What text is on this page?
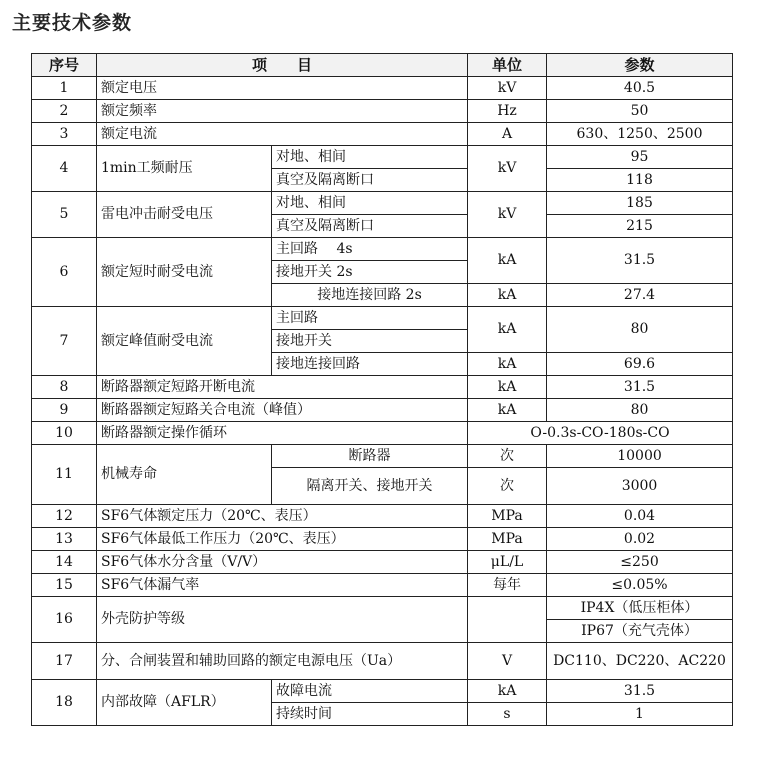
主要技术参数
序号	项　　目		单位	参数
1	额定电压		kV	40.5
2	额定频率		Hz	50
3	额定电流		A	630、1250、2500
4	1min工频耐压	对地、相间	kV	95
		真空及隔离断口		118
5	雷电冲击耐受电压	对地、相间	kV	185
		真空及隔离断口		215
6	额定短时耐受电流	主回路　 4s	kA	31.5
		接地开关 2s		
		接地连接回路 2s	kA	27.4
7	额定峰值耐受电流	主回路	kA	80
		接地开关		
		接地连接回路	kA	69.6
8	断路器额定短路开断电流		kA	31.5
9	断路器额定短路关合电流（峰值）		kA	80
10	断路器额定操作循环		O-0.3s-CO-180s-CO	
11	机械寿命	断路器	次	10000
		隔离开关、接地开关	次	3000
12	SF6气体额定压力（20℃、表压）		MPa	0.04
13	SF6气体最低工作压力（20℃、表压）		MPa	0.02
14	SF6气体水分含量（V/V）		μL/L	≤250
15	SF6气体漏气率		每年	≤0.05%
16	外壳防护等级			IP4X（低压柜体）
				IP67（充气壳体）
17	分、合闸装置和辅助回路的额定电源电压（Ua）		V	DC110、DC220、AC220
18	内部故障（AFLR）	故障电流	kA	31.5
		持续时间	s	1
